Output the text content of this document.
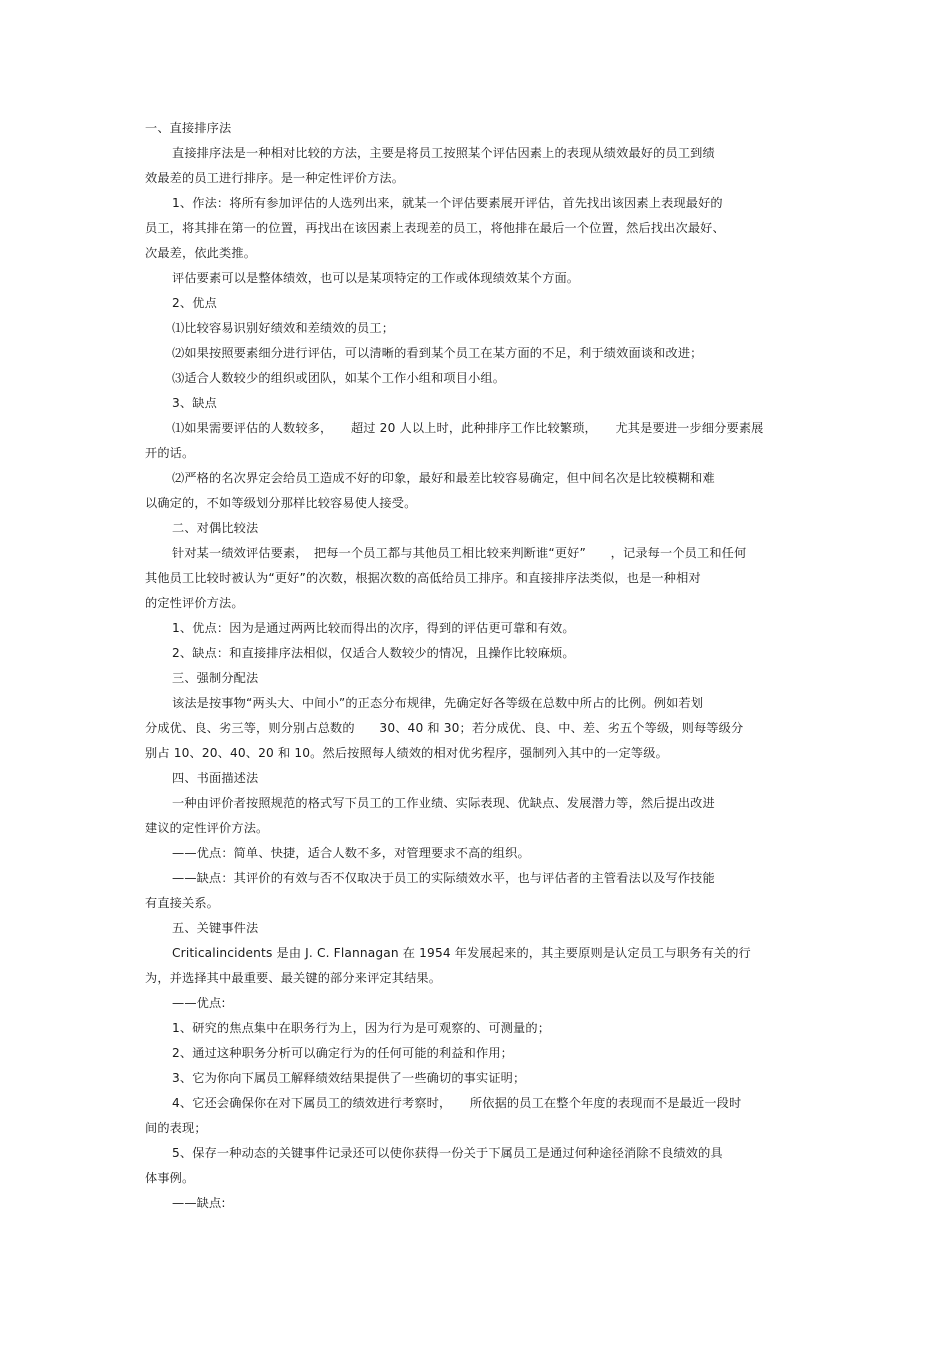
一、直接排序法
直接排序法是一种相对比较的方法，主要是将员工按照某个评估因素上的表现从绩效最好的员工到绩
效最差的员工进行排序。是一种定性评价方法。
1、作法：将所有参加评估的人选列出来，就某一个评估要素展开评估，首先找出该因素上表现最好的
员工，将其排在第一的位置，再找出在该因素上表现差的员工，将他排在最后一个位置，然后找出次最好、
次最差，依此类推。
评估要素可以是整体绩效，也可以是某项特定的工作或体现绩效某个方面。
2、优点
⑴比较容易识别好绩效和差绩效的员工；
⑵如果按照要素细分进行评估，可以清晰的看到某个员工在某方面的不足，利于绩效面谈和改进；
⑶适合人数较少的组织或团队，如某个工作小组和项目小组。
3、缺点
⑴如果需要评估的人数较多，　　超过 20 人以上时，此种排序工作比较繁琐，　　尤其是要进一步细分要素展
开的话。
⑵严格的名次界定会给员工造成不好的印象，最好和最差比较容易确定，但中间名次是比较模糊和难
以确定的，不如等级划分那样比较容易使人接受。
二、对偶比较法
针对某一绩效评估要素，　把每一个员工都与其他员工相比较来判断谁“更好”　　，记录每一个员工和任何
其他员工比较时被认为“更好”的次数，根据次数的高低给员工排序。和直接排序法类似，也是一种相对
的定性评价方法。
1、优点：因为是通过两两比较而得出的次序，得到的评估更可靠和有效。
2、缺点：和直接排序法相似，仅适合人数较少的情况，且操作比较麻烦。
三、强制分配法
该法是按事物“两头大、中间小”的正态分布规律，先确定好各等级在总数中所占的比例。例如若划
分成优、良、劣三等，则分别占总数的　　30、40 和 30；若分成优、良、中、差、劣五个等级，则每等级分
别占 10、20、40、20 和 10。然后按照每人绩效的相对优劣程序，强制列入其中的一定等级。
四、书面描述法
一种由评价者按照规范的格式写下员工的工作业绩、实际表现、优缺点、发展潜力等，然后提出改进
建议的定性评价方法。
——优点：简单、快捷，适合人数不多，对管理要求不高的组织。
——缺点：其评价的有效与否不仅取决于员工的实际绩效水平，也与评估者的主管看法以及写作技能
有直接关系。
五、关键事件法
Criticalincidents 是由 J. C. Flannagan 在 1954 年发展起来的，其主要原则是认定员工与职务有关的行
为，并选择其中最重要、最关键的部分来评定其结果。
——优点:
1、研究的焦点集中在职务行为上，因为行为是可观察的、可测量的；
2、通过这种职务分析可以确定行为的任何可能的利益和作用；
3、它为你向下属员工解释绩效结果提供了一些确切的事实证明；
4、它还会确保你在对下属员工的绩效进行考察时，　　所依据的员工在整个年度的表现而不是最近一段时
间的表现；
5、保存一种动态的关键事件记录还可以使你获得一份关于下属员工是通过何种途径消除不良绩效的具
体事例。
——缺点:
